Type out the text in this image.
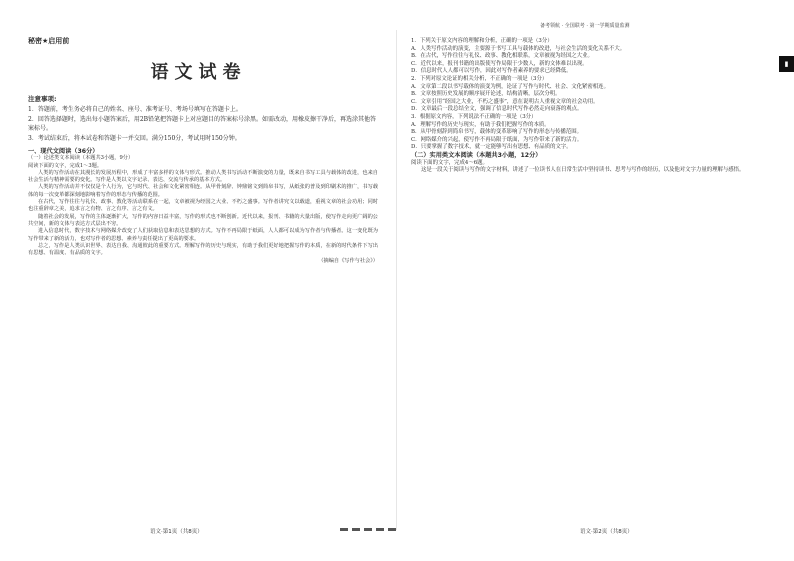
秘密★启用前
语文试卷
注意事项:

1．答题前，考生务必将自己的姓名、座号、准考证号、考场号填写在答题卡上。

2．回答选择题时，选出每小题答案后，用2B铅笔把答题卡上对应题目的答案标号涂黑。如需改动，用橡皮擦干净后，再选涂其他答案标号。

3．考试结束后，将本试卷和答题卡一并交回。满分150分，考试用时150分钟。

一、现代文阅读（36分）
（一）论述类文本阅读（本题共3小题，9分）
阅读下面的文字，完成1～3题。

人类的写作活动在其漫长的发展历程中，形成了丰富多样的文体与形式。推动人类书写活动不断演变的力量，既来自书写工具与载体的改进，也来自社会生活与精神需要的变化。写作是人类以文字记录、表达、交流与传承的基本方式。

人类的写作活动并不仅仅是个人行为，它与时代、社会和文化紧密相连。从甲骨刻辞、钟鼎铭文到简帛书写，从纸张的普及到印刷术的推广，书写载体的每一次变革都深刻地影响着写作的形态与传播的范围。

在古代，写作往往与礼仪、政事、教化等活动联系在一起，文章被视为经国之大业、不朽之盛事。写作者讲究文以载道，重视文章的社会功用；同时也注重辞章之美，追求言之有物、言之有序、言之有文。

随着社会的发展，写作的主体逐渐扩大，写作的内容日益丰富，写作的形式也不断创新。近代以来，报刊、书籍的大量出版，使写作走向更广阔的公共空间，新的文体与表达方式层出不穷。

进入信息时代，数字技术与网络媒介改变了人们获取信息和表达思想的方式。写作不再局限于纸面，人人都可以成为写作者与传播者。这一变化既为写作带来了新的活力，也对写作者的思想、素养与责任提出了更高的要求。

总之，写作是人类认识世界、表达自我、沟通彼此的重要方式。理解写作的历史与现实，有助于我们更好地把握写作的本质，在新的时代条件下写出有思想、有温度、有品质的文字。

（摘编自《写作与社会》）
备考领航 · 全国联考 · 第一学期质量监测

1．下列关于原文内容的理解和分析，正确的一项是（3分）

A．人类写作活动的演变，主要源于书写工具与载体的改进，与社会生活的变化关系不大。

B．在古代，写作往往与礼仪、政事、教化相联系，文章被视为经国之大业。

C．近代以来，报刊书籍的出版使写作局限于少数人，新的文体难以出现。

D．信息时代人人都可以写作，因此对写作者素养的要求已经降低。

2．下列对原文论证的相关分析，不正确的一项是（3分）

A．文章第二段以书写载体的演变为例，论证了写作与时代、社会、文化紧密相连。

B．文章按照历史发展的顺序展开论述，结构清晰，层次分明。

C．文章引用“经国之大业，不朽之盛事”，意在说明古人重视文章的社会功用。

D．文章最后一段总结全文，强调了信息时代写作必然走向衰落的观点。

3．根据原文内容，下列说法不正确的一项是（3分）

A．理解写作的历史与现实，有助于我们把握写作的本质。

B．从甲骨刻辞到简帛书写，载体的变革影响了写作的形态与传播范围。

C．网络媒介的兴起，使写作不再局限于纸面，为写作带来了新的活力。

D．只要掌握了数字技术，就一定能够写出有思想、有品质的文字。

（二）实用类文本阅读（本题共3小题，12分）

阅读下面的文字，完成4～6题。

这是一段关于阅读与写作的文字材料，讲述了一位读书人在日常生活中坚持读书、思考与写作的经历，以及他对文字力量的理解与感悟。

▮
语文·第1页（共8页）	语文·第2页（共8页）
